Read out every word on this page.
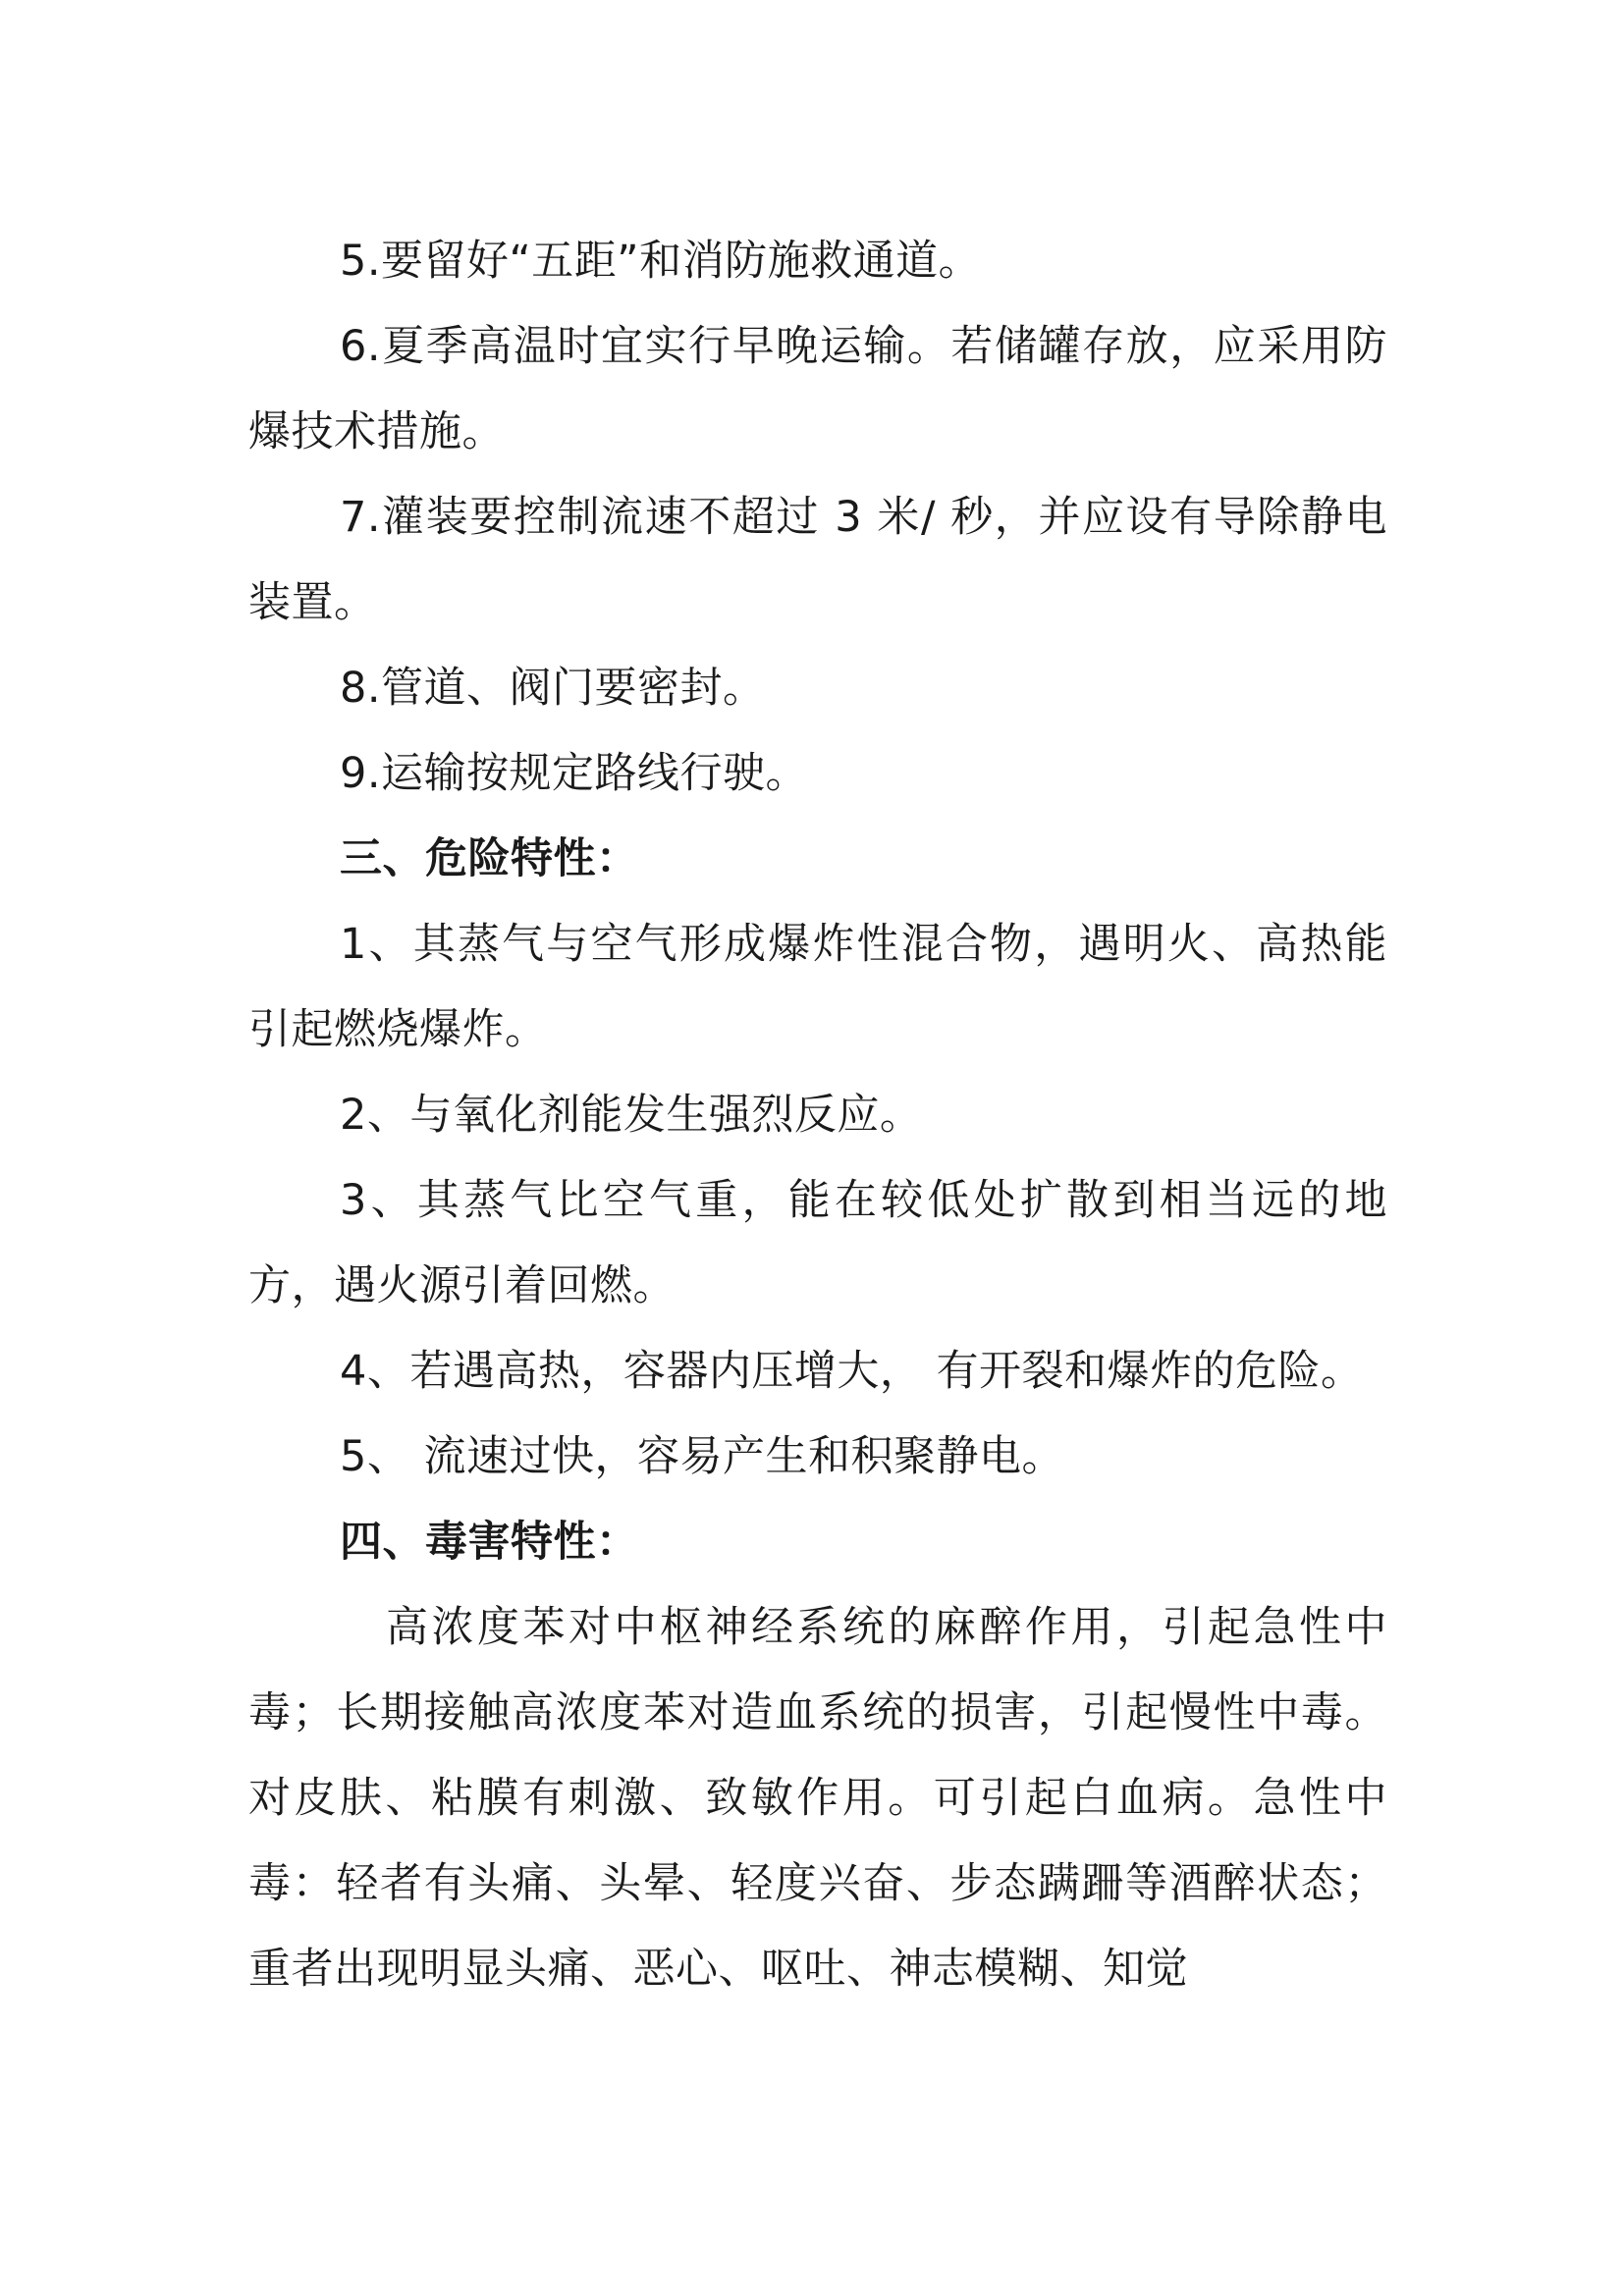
5.要留好“五距”和消防施救通道。

6.夏季高温时宜实行早晚运输。若储罐存放，应采用防爆技术措施。

7.灌装要控制流速不超过 3 米/ 秒，并应设有导除静电装置。

8.管道、阀门要密封。

9.运输按规定路线行驶。

三、危险特性：

1、其蒸气与空气形成爆炸性混合物，遇明火、高热能引起燃烧爆炸。

2、与氧化剂能发生强烈反应。

3、其蒸气比空气重，能在较低处扩散到相当远的地方，遇火源引着回燃。

4、若遇高热，容器内压增大， 有开裂和爆炸的危险。

5、 流速过快，容易产生和积聚静电。

四、毒害特性：

高浓度苯对中枢神经系统的麻醉作用，引起急性中毒；长期接触高浓度苯对造血系统的损害，引起慢性中毒。对皮肤、粘膜有刺激、致敏作用。可引起白血病。急性中毒：轻者有头痛、头晕、轻度兴奋、步态蹒跚等酒醉状态；重者出现明显头痛、恶心、呕吐、神志模糊、知觉
